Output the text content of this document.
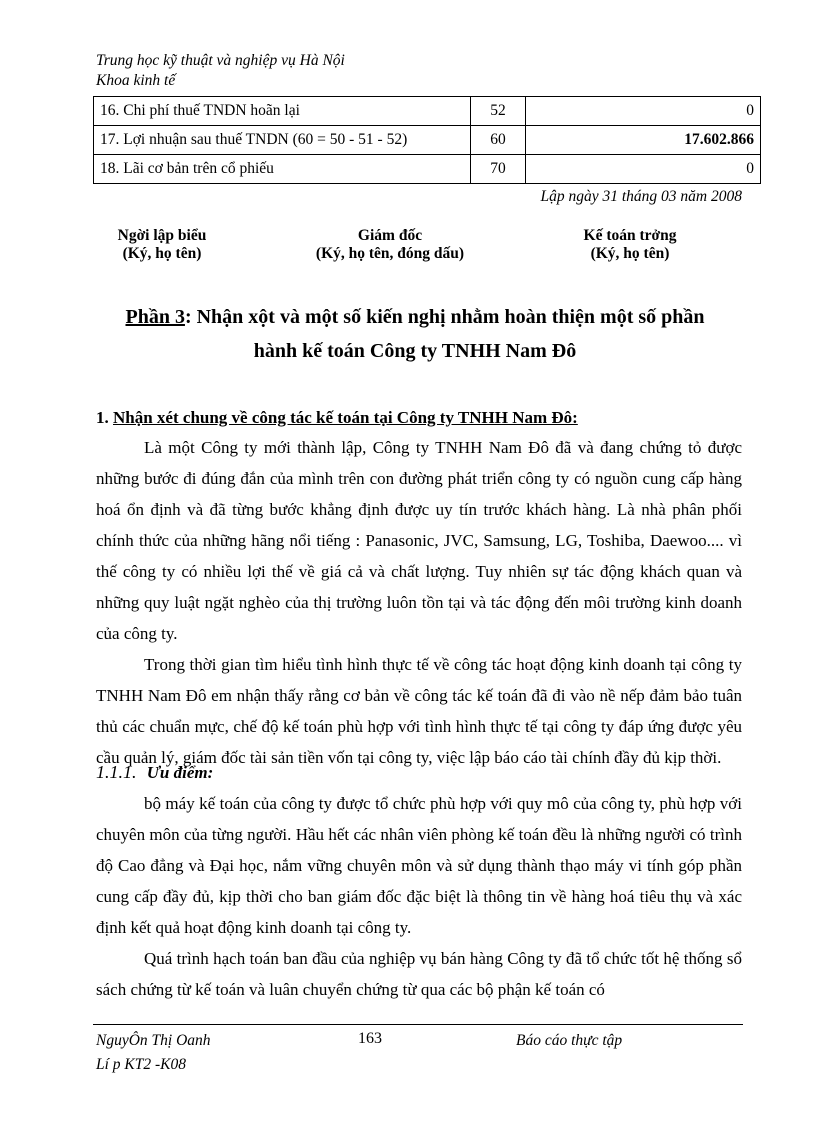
Trung học kỹ thuật và nghiệp vụ Hà Nội
Khoa kinh tế
16. Chi phí thuế TNDN hoãn lại	52	0
17. Lợi nhuận sau thuế TNDN (60 = 50 - 51 - 52)	60	17.602.866
18. Lãi cơ bản trên cổ phiếu	70	0
Lập ngày 31 tháng 03 năm 2008
Ngời lập biểu
(Ký, họ tên)
Giám đốc
(Ký, họ tên, đóng dấu)
Kế toán trởng
(Ký, họ tên)
Phần 3: Nhận xột và một số kiến nghị nhằm hoàn thiện một số phần
hành kế toán Công ty TNHH Nam Đô
1. Nhận xét chung về công tác kế toán tại Công ty TNHH Nam Đô:

Là một Công ty mới thành lập, Công ty TNHH Nam Đô đã và đang chứng tỏ được những bước đi đúng đắn của mình trên con đường phát triển công ty có nguồn cung cấp hàng hoá ổn định và đã từng bước khẳng định được uy tín trước khách hàng. Là nhà phân phối chính thức của những hãng nổi tiếng : Panasonic, JVC, Samsung, LG, Toshiba, Daewoo.... vì thế công ty có nhiều lợi thế về giá cả và chất lượng. Tuy nhiên sự tác động khách quan và những quy luật ngặt nghèo của thị trường luôn tồn tại và tác động đến môi trường kinh doanh của công ty.

Trong thời gian tìm hiểu tình hình thực tế về công tác hoạt động kinh doanh tại công ty TNHH Nam Đô em nhận thấy rằng cơ bản về công tác kế toán đã đi vào nề nếp đảm bảo tuân thủ các chuẩn mực, chế độ kế toán phù hợp với tình hình thực tế tại công ty đáp ứng được yêu cầu quản lý, giám đốc tài sản tiền vốn tại công ty, việc lập báo cáo tài chính đầy đủ kịp thời.

1.1.1. Ưu điểm:

bộ máy kế toán của công ty được tổ chức phù hợp với quy mô của công ty, phù hợp với chuyên môn của từng người. Hầu hết các nhân viên phòng kế toán đều là những người có trình độ Cao đẳng và Đại học, nắm vững chuyên môn và sử dụng thành thạo máy vi tính góp phần cung cấp đầy đủ, kịp thời cho ban giám đốc đặc biệt là thông tin về hàng hoá tiêu thụ và xác định kết quả hoạt động kinh doanh tại công ty.

Quá trình hạch toán ban đầu của nghiệp vụ bán hàng Công ty đã tổ chức tốt hệ thống sổ sách chứng từ kế toán và luân chuyển chứng từ qua các bộ phận kế toán có

NguyÔn Thị Oanh
Lí p KT2 -K08
163	Báo cáo thực tập
